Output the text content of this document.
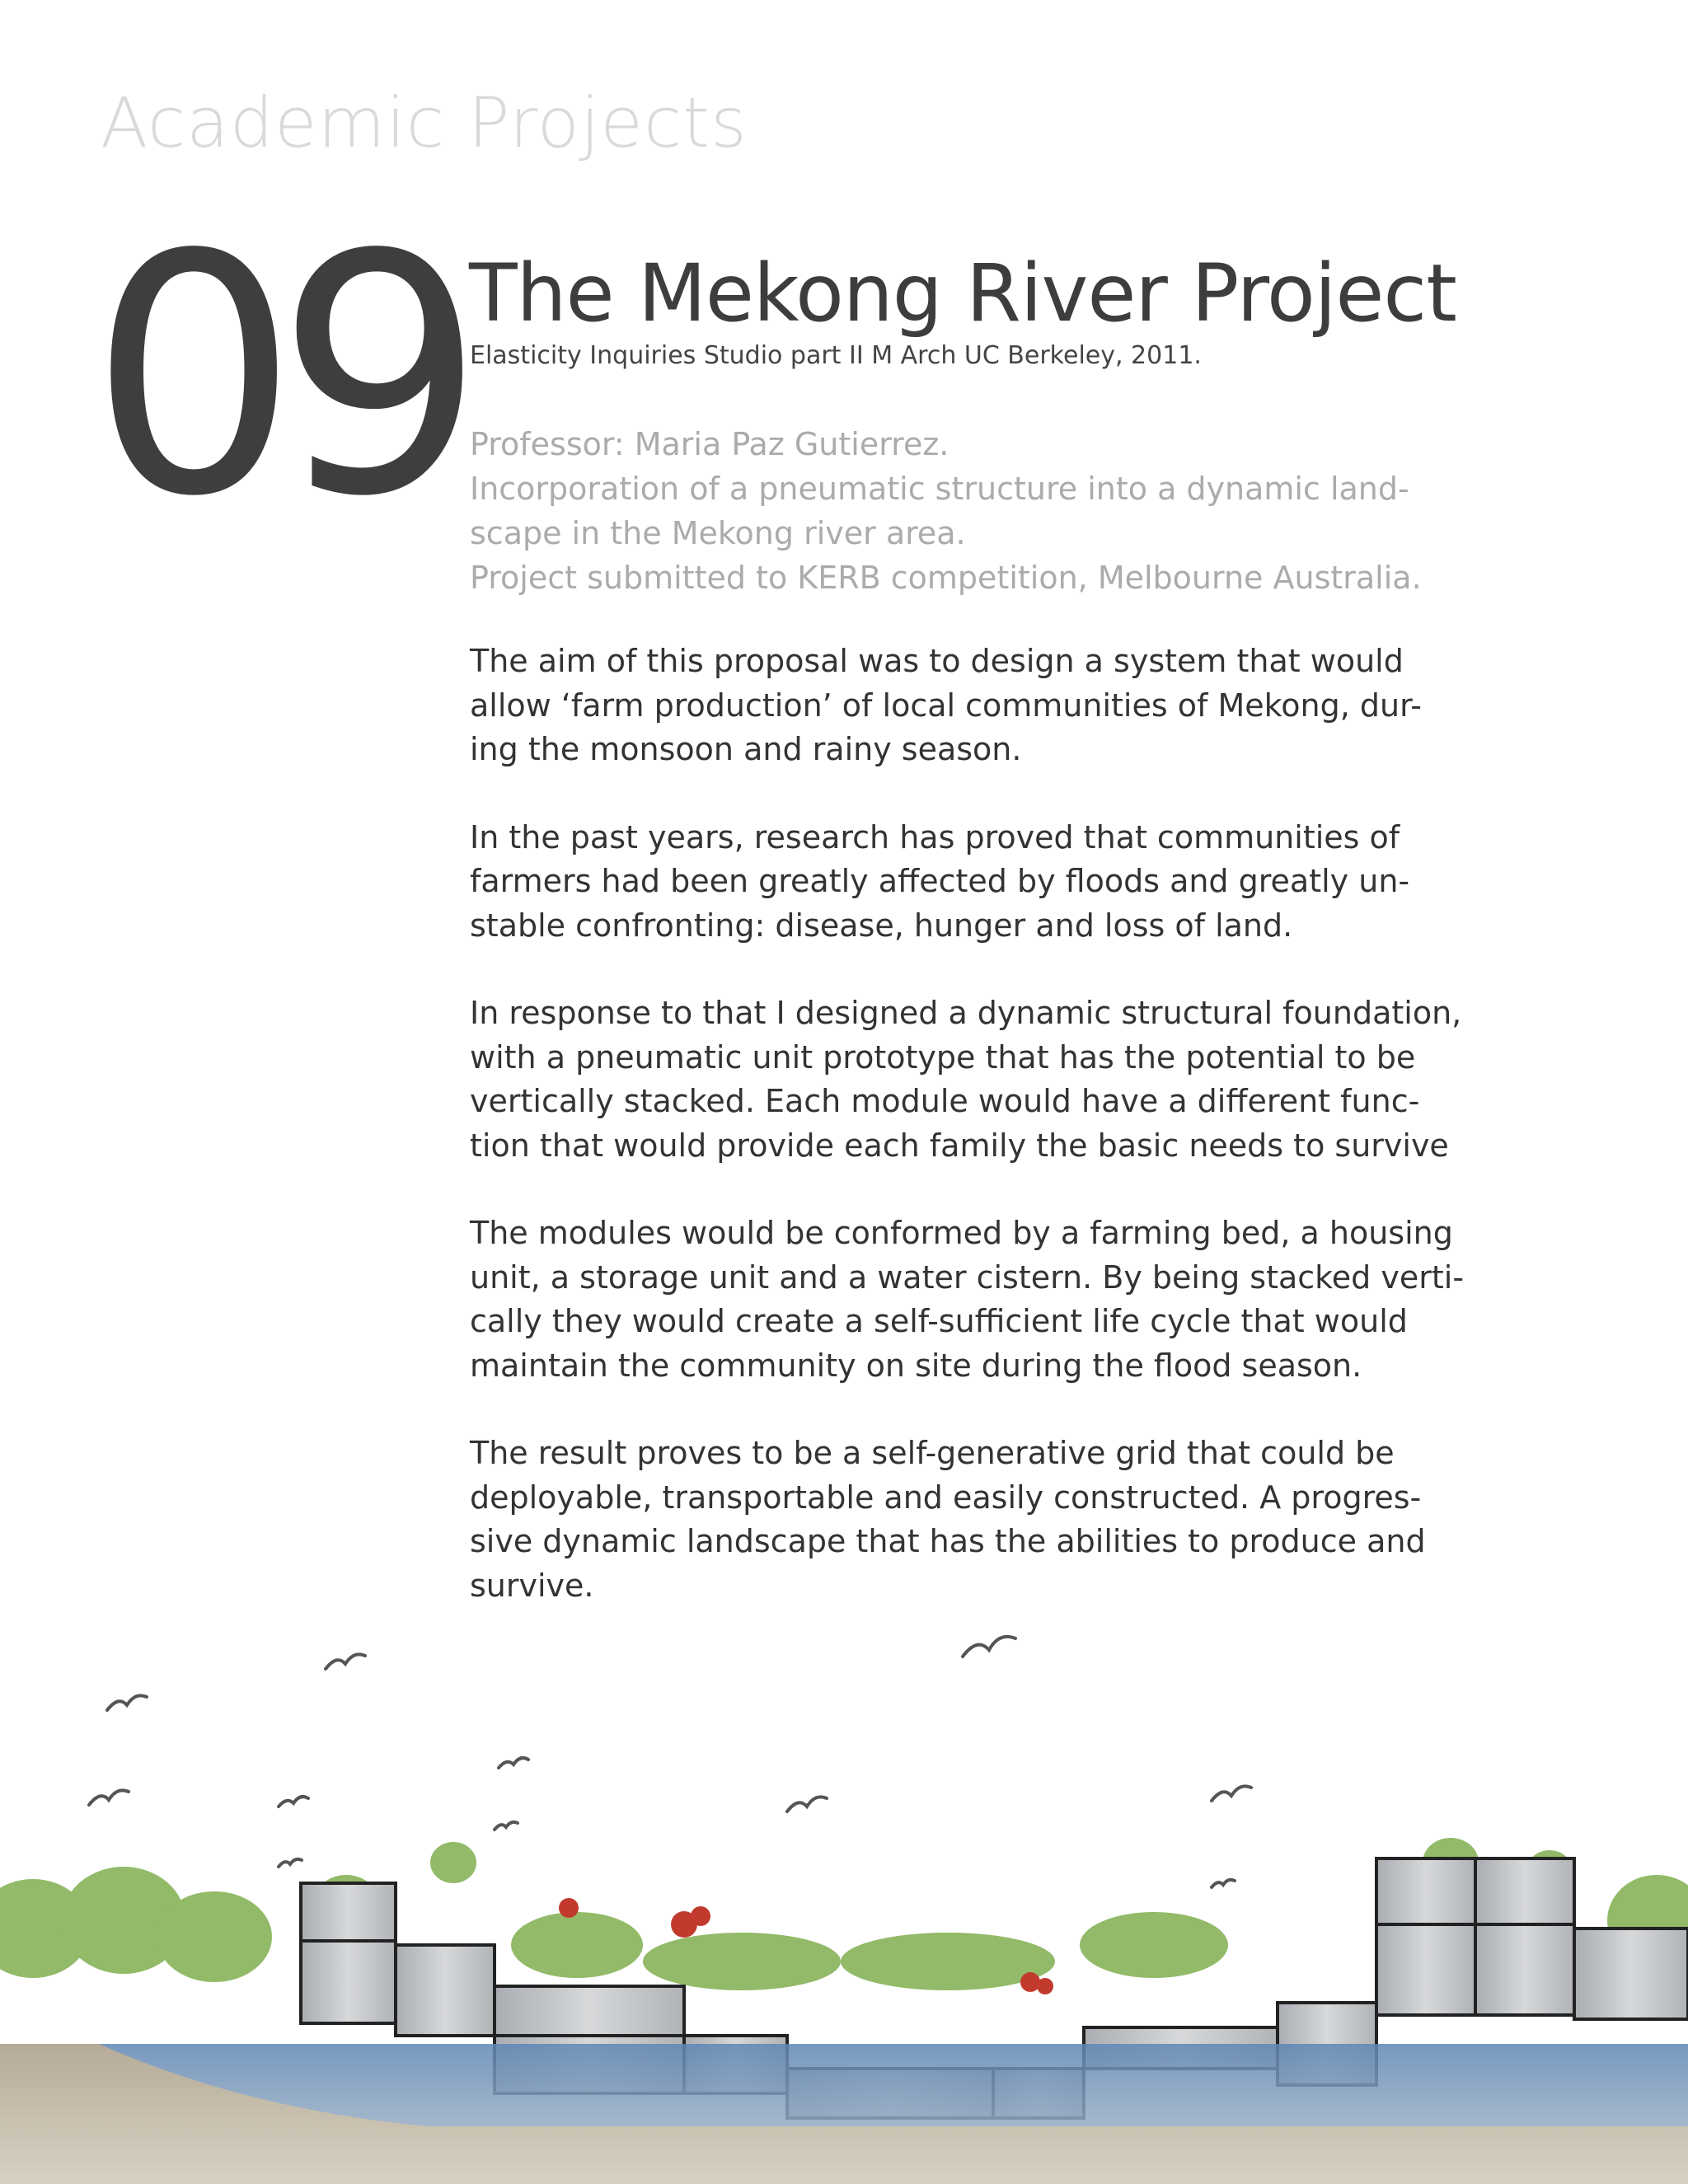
Academic Projects
09 The Mekong River Project
Elasticity Inquiries Studio part II M Arch UC Berkeley, 2011.
Professor: Maria Paz Gutierrez.
Incorporation of a pneumatic structure into a dynamic land-
scape in the Mekong river area.
Project submitted to KERB competition, Melbourne Australia.
The aim of this proposal was to design a system that would
allow ‘farm production’ of local communities of Mekong, dur-
ing the monsoon and rainy season.
In the past years, research has proved that communities of
farmers had been greatly affected by floods and greatly un-
stable confronting: disease, hunger and loss of land.
In response to that I designed a dynamic structural foundation,
with a pneumatic unit prototype that has the potential to be
vertically stacked. Each module would have a different func-
tion that would provide each family the basic needs to survive
The modules would be conformed by a farming bed, a housing
unit, a storage unit and a water cistern. By being stacked verti-
cally they would create a self-sufficient life cycle that would
maintain the community on site during the flood season.
The result proves to be a self-generative grid that could be
deployable, transportable and easily constructed. A progres-
sive dynamic landscape that has the abilities to produce and
survive.
